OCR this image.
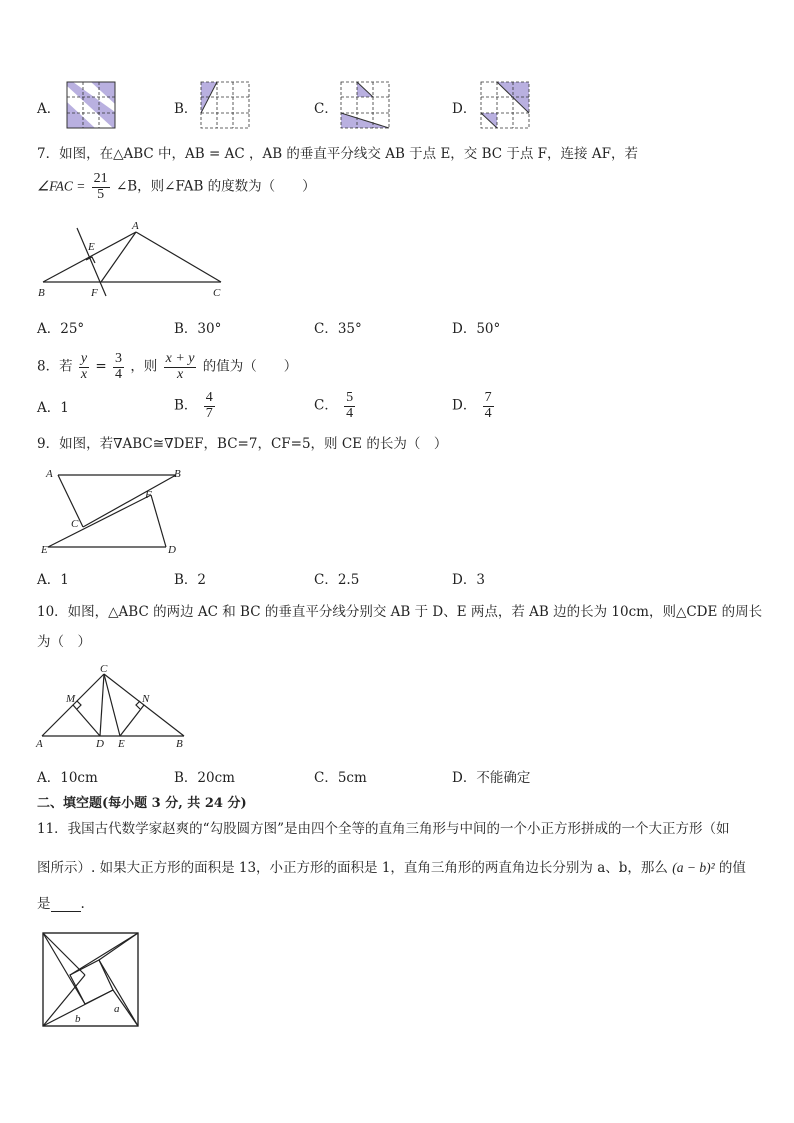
A．	B．	C．	D．
7．如图，在△ABC 中，AB = AC ，AB 的垂直平分线交 AB 于点 E，交 BC 于点 F，连接 AF，若
∠FAC = $\frac{21}{5}$ ∠B，则∠FAB 的度数为（　　）
A
B	C
E
F
A．25°	B．30°	C．35°	D．50°
8．若 $\frac{y}{x} = \frac{3}{4}$ ，则 $\frac{x + y}{x}$ 的值为（　　）
A．1	B． $\frac{4}{7}$	C． $\frac{5}{4}$	D． $\frac{7}{4}$
9．如图，若∇ABC≅∇DEF，BC=7，CF=5，则 CE 的长为（　）
A	B
C
D
E
F
A．1	B．2	C．2.5	D．3
10．如图，△ABC 的两边 AC 和 BC 的垂直平分线分别交 AB 于 D、E 两点，若 AB 边的长为 10cm，则△CDE 的周长
为（　）
A	B
C
D E
M	N
A．10cm	B．20cm	C．5cm	D．不能确定
二、填空题(每小题 3 分, 共 24 分)
11．我国古代数学家赵爽的“勾股圆方图”是由四个全等的直角三角形与中间的一个小正方形拼成的一个大正方形（如
图所示）. 如果大正方形的面积是 13，小正方形的面积是 1，直角三角形的两直角边长分别为 a、b，那么 (a − b)² 的值
是 .
b
a
